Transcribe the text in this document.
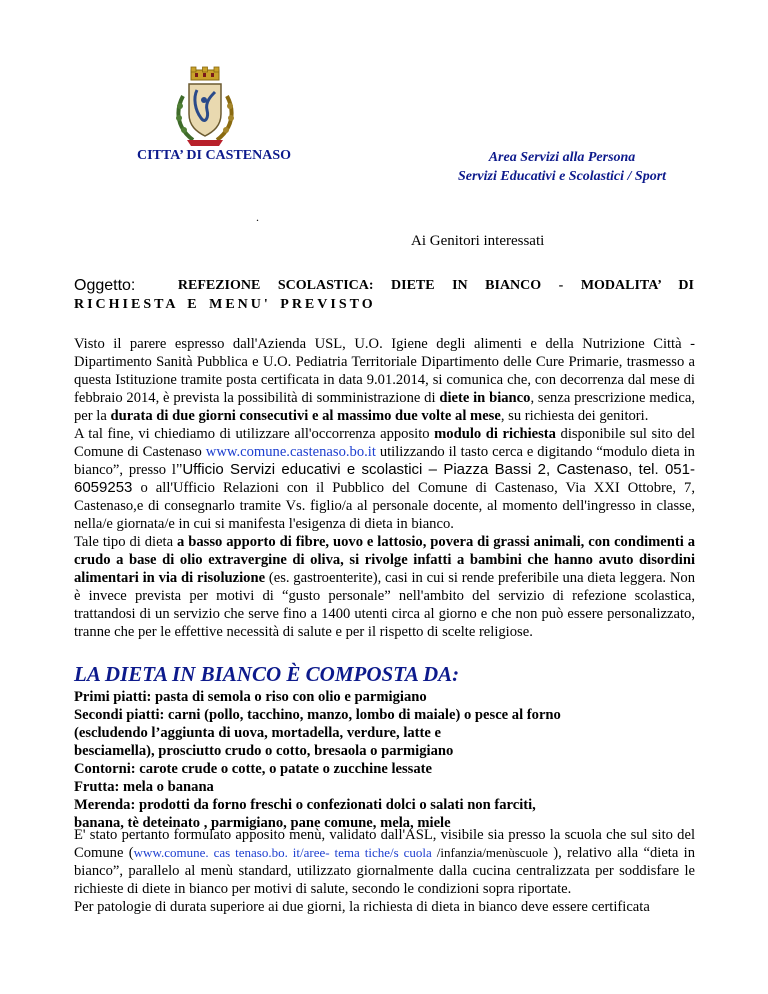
CITTA’ DI CASTENASO	Area Servizi alla Persona
Servizi Educativi e Scolastici / Sport
.
Ai Genitori interessati
Oggetto:	REFEZIONE SCOLASTICA: DIETE IN BIANCO - MODALITA’ DI
RICHIESTA E MENU' PREVISTO

Visto il parere espresso dall'Azienda USL, U.O. Igiene degli alimenti e della Nutrizione Città -Dipartimento Sanità Pubblica e U.O. Pediatria Territoriale Dipartimento delle Cure Primarie, trasmesso a questa Istituzione tramite posta certificata in data 9.01.2014, si comunica che, con decorrenza dal mese di febbraio 2014, è prevista la possibilità di somministrazione di diete in bianco, senza prescrizione medica, per la durata di due giorni consecutivi e al massimo due volte al mese, su richiesta dei genitori.

A tal fine, vi chiediamo di utilizzare all'occorrenza apposito modulo di richiesta disponibile sul sito del Comune di Castenaso www.comune.castenaso.bo.it utilizzando il tasto cerca e digitando “modulo dieta in bianco”, presso l’’Ufficio Servizi educativi e scolastici – Piazza Bassi 2, Castenaso, tel. 051-6059253 o all'Ufficio Relazioni con il Pubblico del Comune di Castenaso, Via XXI Ottobre, 7, Castenaso,e di consegnarlo tramite Vs. figlio/a al personale docente, al momento dell'ingresso in classe, nella/e giornata/e in cui si manifesta l'esigenza di dieta in bianco.

Tale tipo di dieta a basso apporto di fibre, uovo e lattosio, povera di grassi animali, con condimenti a crudo a base di olio extravergine di oliva, si rivolge infatti a bambini che hanno avuto disordini alimentari in via di risoluzione (es. gastroenterite), casi in cui si rende preferibile una dieta leggera. Non è invece prevista per motivi di “gusto personale” nell'ambito del servizio di refezione scolastica, trattandosi di un servizio che serve fino a 1400 utenti circa al giorno e che non può essere personalizzato, tranne che per le effettive necessità di salute e per il rispetto di scelte religiose.

LA DIETA IN BIANCO È COMPOSTA DA:
Primi piatti: pasta di semola o riso con olio e parmigiano
Secondi piatti: carni (pollo, tacchino, manzo, lombo di maiale) o pesce al forno
(escludendo l’aggiunta di uova, mortadella, verdure, latte e
besciamella), prosciutto crudo o cotto, bresaola o parmigiano
Contorni: carote crude o cotte, o patate o zucchine lessate
Frutta: mela o banana
Merenda: prodotti da forno freschi o confezionati dolci o salati non farciti,
banana, tè deteinato , parmigiano, pane comune, mela, miele

E' stato pertanto formulato apposito menù, validato dall'ASL, visibile sia presso la scuola che sul sito del Comune (www.comune. cas tenaso.bo. it/aree- tema tiche/s cuola /infanzia/menùscuole ), relativo alla “dieta in bianco”, parallelo al menù standard, utilizzato giornalmente dalla cucina centralizzata per soddisfare le richieste di diete in bianco per motivi di salute, secondo le condizioni sopra riportate.

Per patologie di durata superiore ai due giorni, la richiesta di dieta in bianco deve essere certificata
